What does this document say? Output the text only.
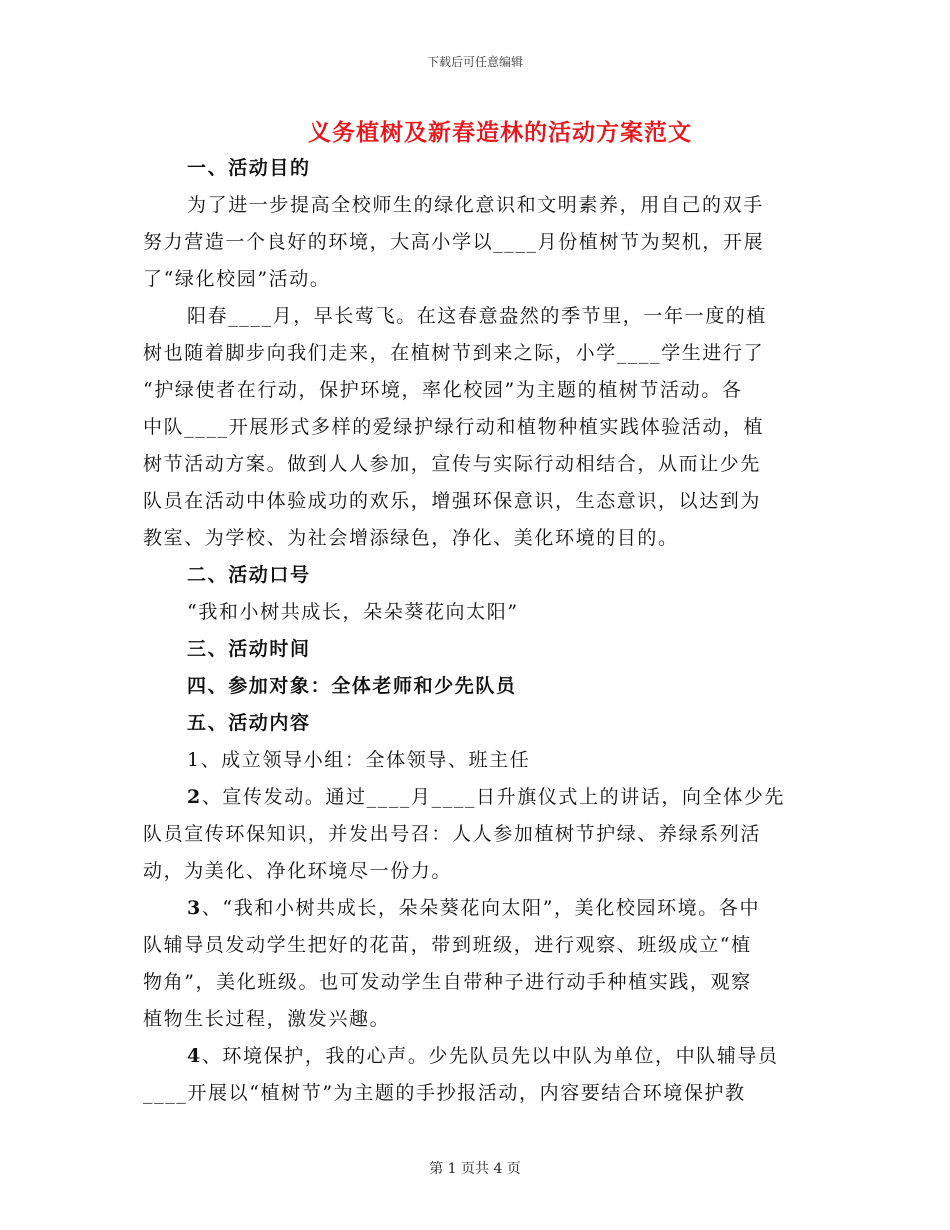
下载后可任意编辑
义务植树及新春造林的活动方案范文
一、活动目的
为了进一步提高全校师生的绿化意识和文明素养，用自己的双手
努力营造一个良好的环境，大高小学以____月份植树节为契机，开展
了“绿化校园”活动。
阳春____月，早长莺飞。在这春意盎然的季节里，一年一度的植
树也随着脚步向我们走来，在植树节到来之际，小学____学生进行了
“护绿使者在行动，保护环境，率化校园”为主题的植树节活动。各
中队____开展形式多样的爱绿护绿行动和植物种植实践体验活动，植
树节活动方案。做到人人参加，宣传与实际行动相结合，从而让少先
队员在活动中体验成功的欢乐，增强环保意识，生态意识，以达到为
教室、为学校、为社会增添绿色，净化、美化环境的目的。
二、活动口号
“我和小树共成长，朵朵葵花向太阳”
三、活动时间
四、参加对象：全体老师和少先队员
五、活动内容
1、成立领导小组：全体领导、班主任
2、宣传发动。通过____月____日升旗仪式上的讲话，向全体少先
队员宣传环保知识，并发出号召：人人参加植树节护绿、养绿系列活
动，为美化、净化环境尽一份力。
3、“我和小树共成长，朵朵葵花向太阳”，美化校园环境。各中
队辅导员发动学生把好的花苗，带到班级，进行观察、班级成立“植
物角”，美化班级。也可发动学生自带种子进行动手种植实践，观察
植物生长过程，激发兴趣。
4、环境保护，我的心声。少先队员先以中队为单位，中队辅导员
____开展以“植树节”为主题的手抄报活动，内容要结合环境保护教
第 1 页共 4 页
